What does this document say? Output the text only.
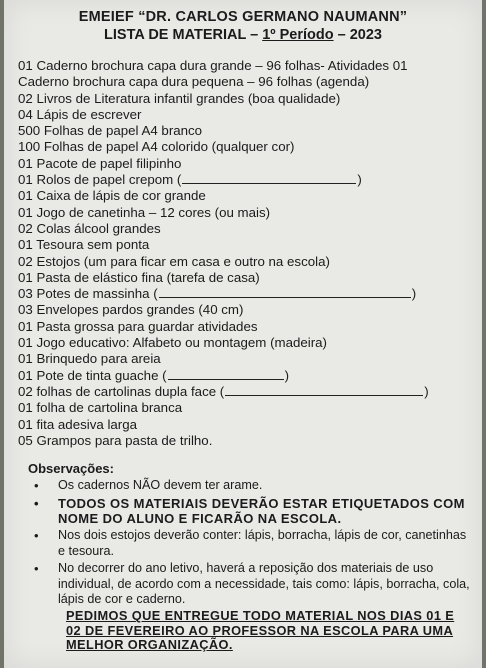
EMEIEF “DR. CARLOS GERMANO NAUMANN”
LISTA DE MATERIAL – 1º Período – 2023
01 Caderno brochura capa dura grande – 96 folhas- Atividades 01
Caderno brochura capa dura pequena – 96 folhas (agenda)
02 Livros de Literatura infantil grandes (boa qualidade)
04 Lápis de escrever
500 Folhas de papel A4 branco
100 Folhas de papel A4 colorido (qualquer cor)
01 Pacote de papel filipinho
01 Rolos de papel crepom (	)
01 Caixa de lápis de cor grande
01 Jogo de canetinha – 12 cores (ou mais)
02 Colas álcool grandes
01 Tesoura sem ponta
02 Estojos (um para ficar em casa e outro na escola)
01 Pasta de elástico fina (tarefa de casa)
03 Potes de massinha (	)
03 Envelopes pardos grandes (40 cm)
01 Pasta grossa para guardar atividades
01 Jogo educativo: Alfabeto ou montagem (madeira)
01 Brinquedo para areia
01 Pote de tinta guache (	)
02 folhas de cartolinas dupla face (	)
01 folha de cartolina branca
01 fita adesiva larga
05 Grampos para pasta de trilho.
Observações:
• Os cadernos NÃO devem ter arame.
• TODOS OS MATERIAIS DEVERÃO ESTAR ETIQUETADOS COM NOME DO ALUNO E FICARÃO NA ESCOLA.
• Nos dois estojos deverão conter: lápis, borracha, lápis de cor, canetinhas e tesoura.
• No decorrer do ano letivo, haverá a reposição dos materiais de uso individual, de acordo com a necessidade, tais como: lápis, borracha, cola, lápis de cor e caderno.
PEDIMOS QUE ENTREGUE TODO MATERIAL NOS DIAS 01 E 02 DE FEVEREIRO AO PROFESSOR NA ESCOLA PARA UMA MELHOR ORGANIZAÇÃO.
